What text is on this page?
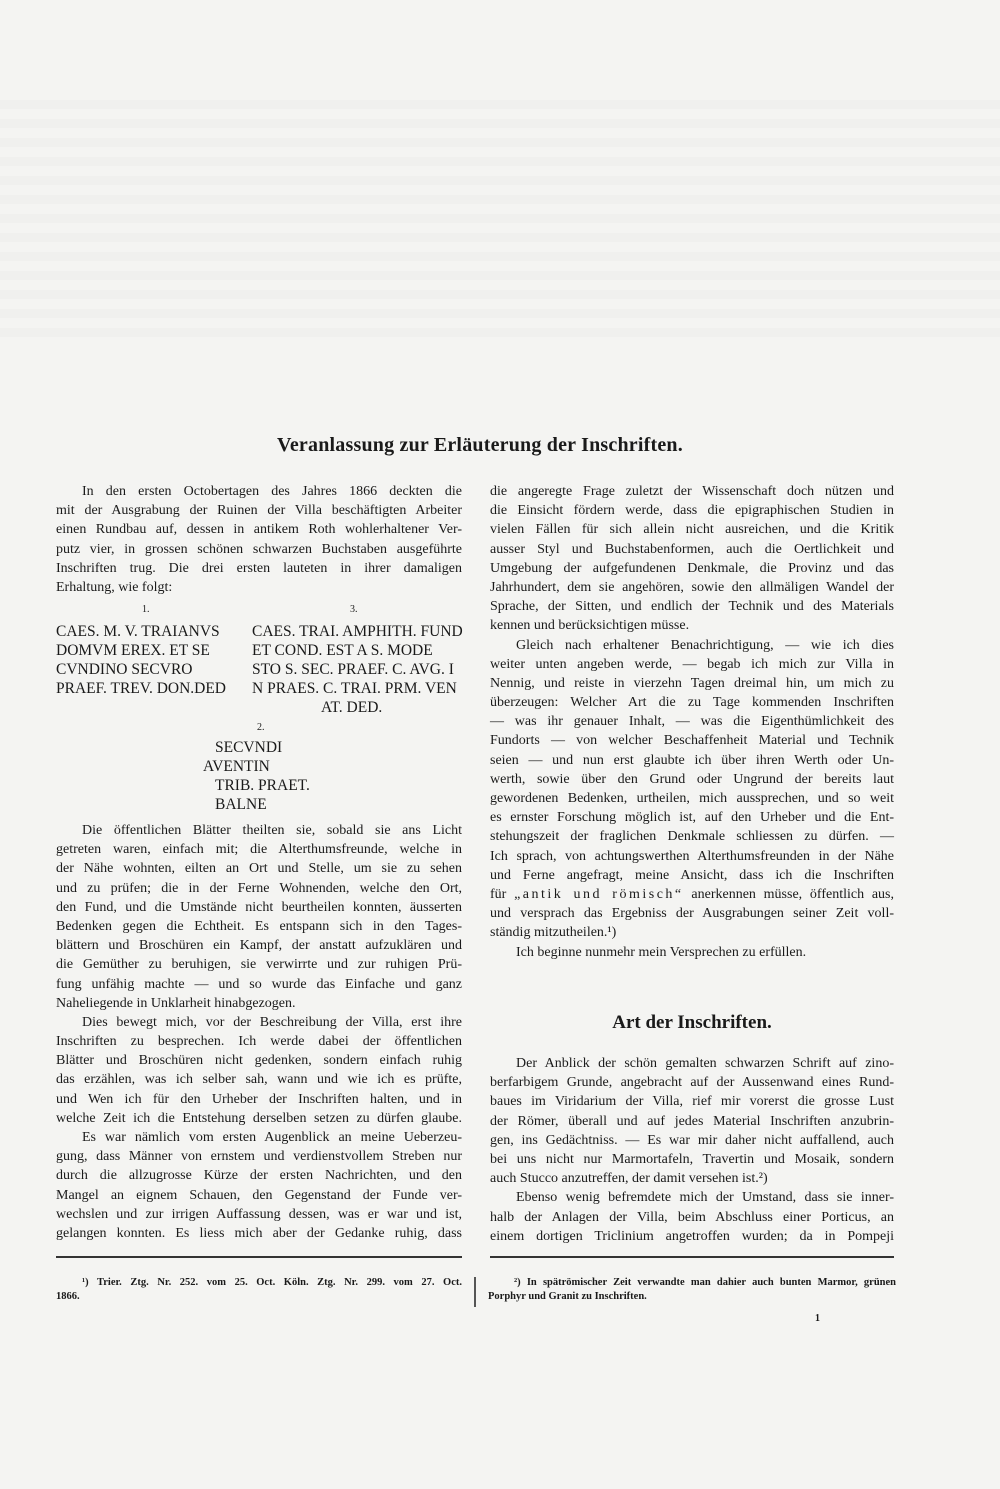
Veranlassung zur Erläuterung der Inschriften.
In den ersten Octobertagen des Jahres 1866 deckten die
mit der Ausgrabung der Ruinen der Villa beschäftigten Arbeiter
einen Rundbau auf, dessen in antikem Roth wohlerhaltener Ver-
putz vier, in grossen schönen schwarzen Buchstaben ausgeführte
Inschriften trug. Die drei ersten lauteten in ihrer damaligen
Erhaltung, wie folgt:
1.
CAES. M. V. TRAIANVS
DOMVM EREX. ET SE
CVNDINO SECVRO
PRAEF. TREV. DON.DED
3.
CAES. TRAI. AMPHITH. FUND
ET COND. EST A S. MODE
STO S. SEC. PRAEF. C. AVG. I
N PRAES. C. TRAI. PRM. VEN
AT. DED.
2.
SECVNDI
AVENTIN
TRIB. PRAET.
BALNE
Die öffentlichen Blätter theilten sie, sobald sie ans Licht
getreten waren, einfach mit; die Alterthumsfreunde, welche in
der Nähe wohnten, eilten an Ort und Stelle, um sie zu sehen
und zu prüfen; die in der Ferne Wohnenden, welche den Ort,
den Fund, und die Umstände nicht beurtheilen konnten, äusserten
Bedenken gegen die Echtheit. Es entspann sich in den Tages-
blättern und Broschüren ein Kampf, der anstatt aufzuklären und
die Gemüther zu beruhigen, sie verwirrte und zur ruhigen Prü-
fung unfähig machte — und so wurde das Einfache und ganz
Naheliegende in Unklarheit hinabgezogen.
Dies bewegt mich, vor der Beschreibung der Villa, erst ihre
Inschriften zu besprechen. Ich werde dabei der öffentlichen
Blätter und Broschüren nicht gedenken, sondern einfach ruhig
das erzählen, was ich selber sah, wann und wie ich es prüfte,
und Wen ich für den Urheber der Inschriften halten, und in
welche Zeit ich die Entstehung derselben setzen zu dürfen glaube.
Es war nämlich vom ersten Augenblick an meine Ueberzeu-
gung, dass Männer von ernstem und verdienstvollem Streben nur
durch die allzugrosse Kürze der ersten Nachrichten, und den
Mangel an eignem Schauen, den Gegenstand der Funde ver-
wechslen und zur irrigen Auffassung dessen, was er war und ist,
gelangen konnten. Es liess mich aber der Gedanke ruhig, dass
die angeregte Frage zuletzt der Wissenschaft doch nützen und
die Einsicht fördern werde, dass die epigraphischen Studien in
vielen Fällen für sich allein nicht ausreichen, und die Kritik
ausser Styl und Buchstabenformen, auch die Oertlichkeit und
Umgebung der aufgefundenen Denkmale, die Provinz und das
Jahrhundert, dem sie angehören, sowie den allmäligen Wandel der
Sprache, der Sitten, und endlich der Technik und des Materials
kennen und berücksichtigen müsse.
Gleich nach erhaltener Benachrichtigung, — wie ich dies
weiter unten angeben werde, — begab ich mich zur Villa in
Nennig, und reiste in vierzehn Tagen dreimal hin, um mich zu
überzeugen: Welcher Art die zu Tage kommenden Inschriften
— was ihr genauer Inhalt, — was die Eigenthümlichkeit des
Fundorts — von welcher Beschaffenheit Material und Technik
seien — und nun erst glaubte ich über ihren Werth oder Un-
werth, sowie über den Grund oder Ungrund der bereits laut
gewordenen Bedenken, urtheilen, mich aussprechen, und so weit
es ernster Forschung möglich ist, auf den Urheber und die Ent-
stehungszeit der fraglichen Denkmale schliessen zu dürfen. —
Ich sprach, von achtungswerthen Alterthumsfreunden in der Nähe
und Ferne angefragt, meine Ansicht, dass ich die Inschriften
für „antik und römisch“ anerkennen müsse, öffentlich aus,
und versprach das Ergebniss der Ausgrabungen seiner Zeit voll-
ständig mitzutheilen.¹)
Ich beginne nunmehr mein Versprechen zu erfüllen.
Art der Inschriften.
Der Anblick der schön gemalten schwarzen Schrift auf zino-
berfarbigem Grunde, angebracht auf der Aussenwand eines Rund-
baues im Viridarium der Villa, rief mir vorerst die grosse Lust
der Römer, überall und auf jedes Material Inschriften anzubrin-
gen, ins Gedächtniss. — Es war mir daher nicht auffallend, auch
bei uns nicht nur Marmortafeln, Travertin und Mosaik, sondern
auch Stucco anzutreffen, der damit versehen ist.²)
Ebenso wenig befremdete mich der Umstand, dass sie inner-
halb der Anlagen der Villa, beim Abschluss einer Porticus, an
einem dortigen Triclinium angetroffen wurden; da in Pompeji
¹) Trier. Ztg. Nr. 252. vom 25. Oct. Köln. Ztg. Nr. 299. vom 27. Oct.
1866.
²) In spätrömischer Zeit verwandte man dahier auch bunten Marmor, grünen
Porphyr und Granit zu Inschriften.
1
